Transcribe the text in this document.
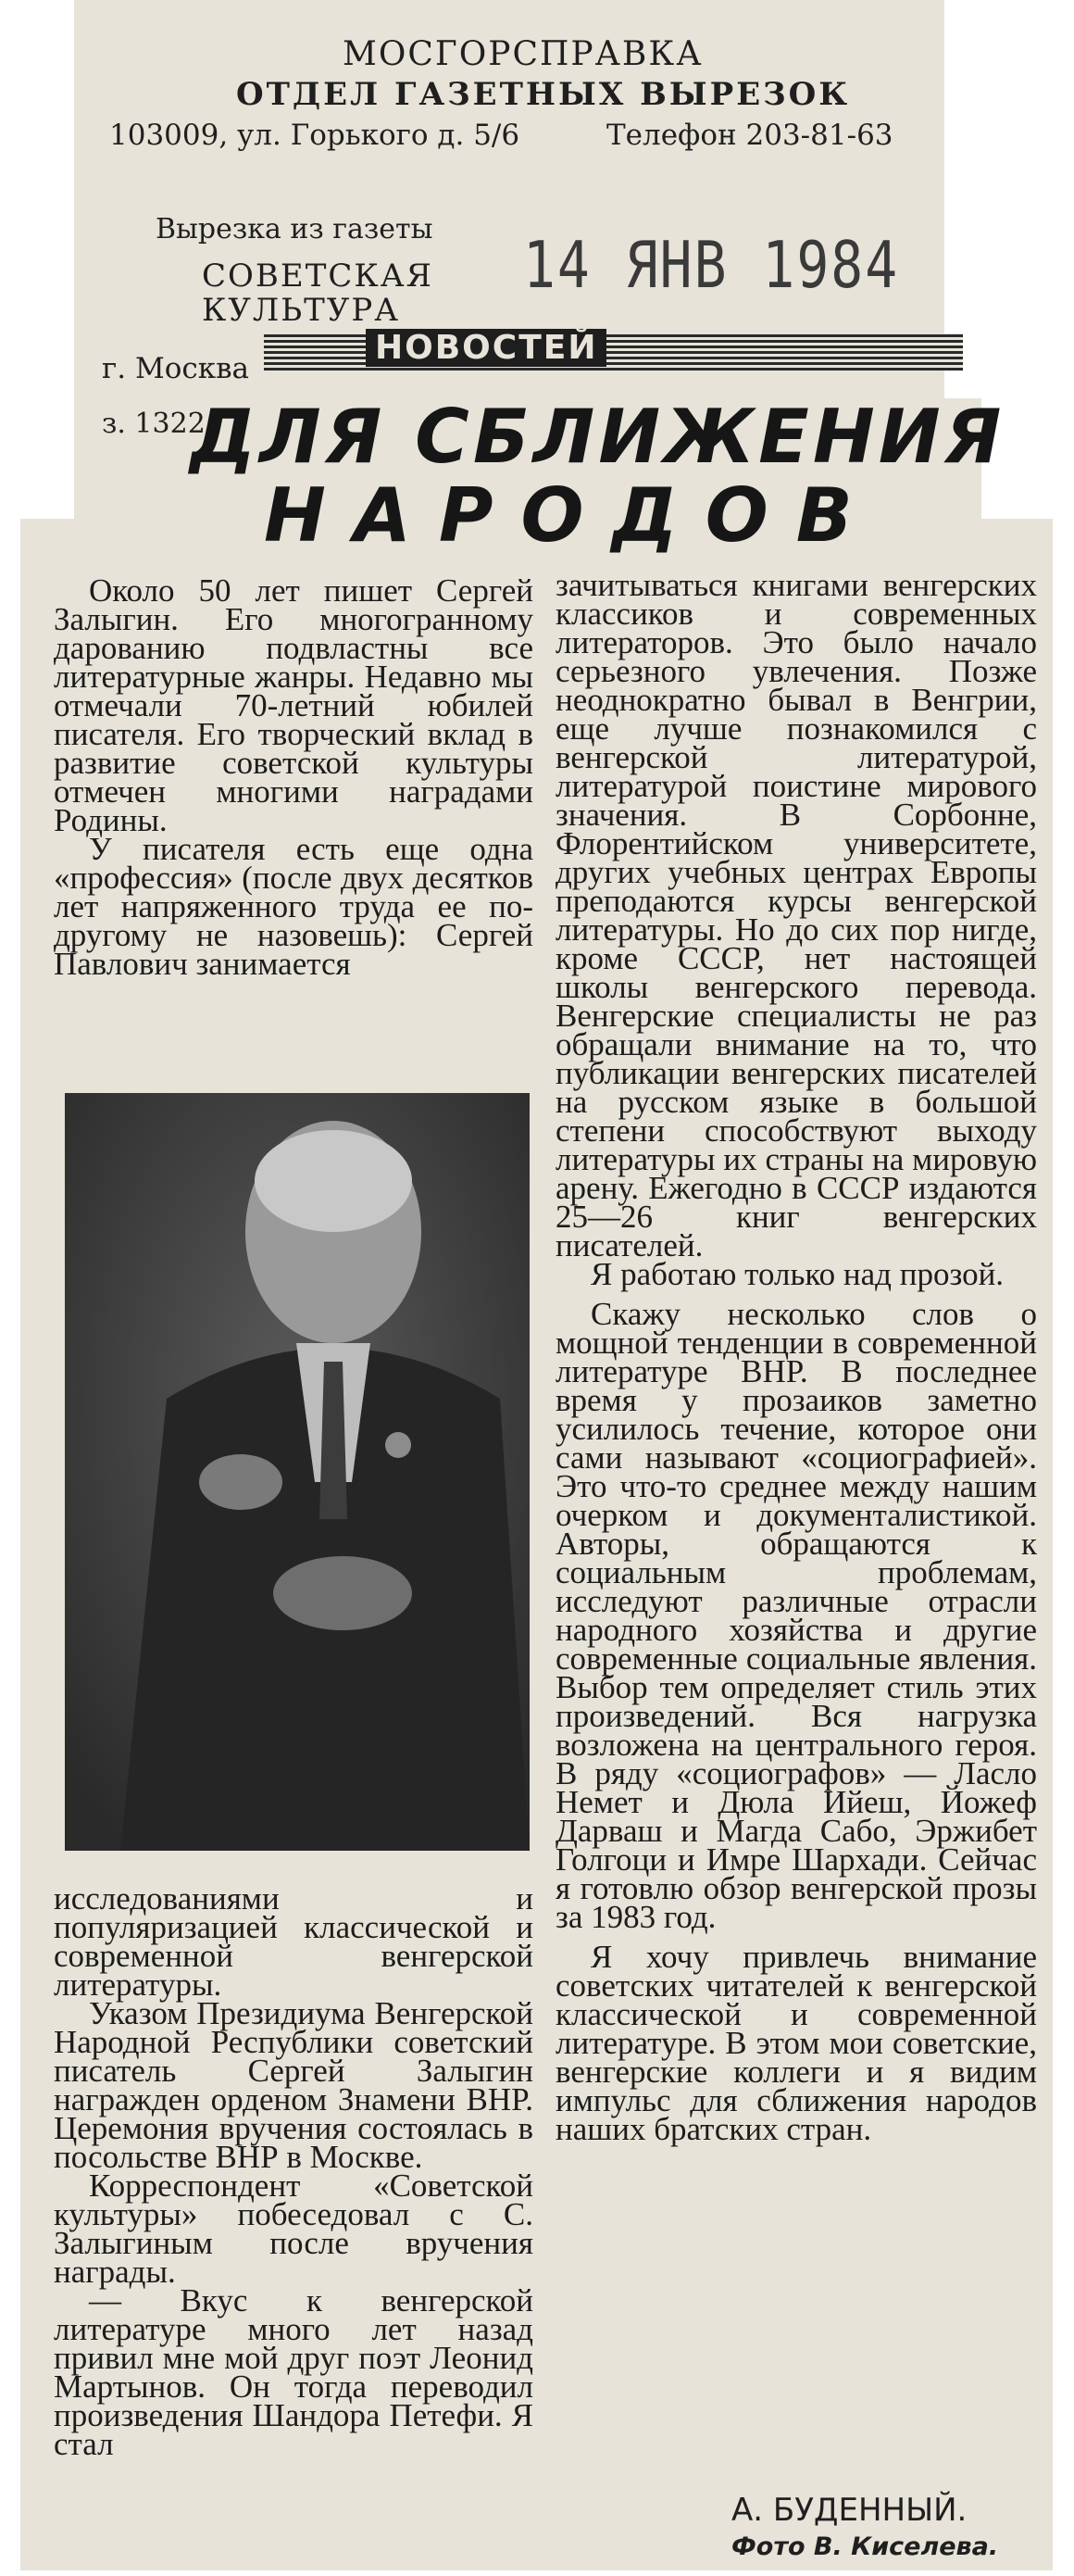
МОСГОРСПРАВКА
ОТДЕЛ ГАЗЕТНЫХ ВЫРЕЗОК
103009, ул. Горького д. 5/6	Телефон 203-81-63
Вырезка из газеты
СОВЕТСКАЯ
КУЛЬТУРА
14 ЯНВ 1984
г. Москва
з. 1322
НОВОСТЕЙ
ДЛЯ СБЛИЖЕНИЯ
НАРОДОВ

Около 50 лет пишет Сергей Залыгин. Его многогранному дарованию подвластны все литературные жанры. Недавно мы отмечали 70-летний юбилей писателя. Его творческий вклад в развитие советской культуры отмечен многими наградами Родины.

У писателя есть еще одна «профессия» (после двух десятков лет напряженного труда ее по-другому не назовешь): Сергей Павлович занимается

исследованиями и популяризацией классической и современной венгерской литературы.

Указом Президиума Венгерской Народной Республики советский писатель Сергей Залыгин награжден орденом Знамени ВНР. Церемония вручения состоялась в посольстве ВНР в Москве.

Корреспондент «Советской культуры» побеседовал с С. Залыгиным после вручения награды.

— Вкус к венгерской литературе много лет назад привил мне мой друг поэт Леонид Мартынов. Он тогда переводил произведения Шандора Петефи. Я стал

зачитываться книгами венгерских классиков и современных литераторов. Это было начало серьезного увлечения. Позже неоднократно бывал в Венгрии, еще лучше познакомился с венгерской литературой, литературой поистине мирового значения. В Сорбонне, Флорентийском университете, других учебных центрах Европы преподаются курсы венгерской литературы. Но до сих пор нигде, кроме СССР, нет настоящей школы венгерского перевода. Венгерские специалисты не раз обращали внимание на то, что публикации венгерских писателей на русском языке в большой степени способствуют выходу литературы их страны на мировую арену. Ежегодно в СССР издаются 25—26 книг венгерских писателей.

Я работаю только над прозой.

Скажу несколько слов о мощной тенденции в современной литературе ВНР. В последнее время у прозаиков заметно усилилось течение, которое они сами называют «социографией». Это что-то среднее между нашим очерком и документалистикой. Авторы, обращаются к социальным проблемам, исследуют различные отрасли народного хозяйства и другие современные социальные явления. Выбор тем определяет стиль этих произведений. Вся нагрузка возложена на центрального героя. В ряду «социографов» — Ласло Немет и Дюла Ийеш, Йожеф Дарваш и Магда Сабо, Эржибет Голгоци и Имре Шархади. Сейчас я готовлю обзор венгерской прозы за 1983 год.

Я хочу привлечь внимание советских читателей к венгерской классической и современной литературе. В этом мои советские, венгерские коллеги и я видим импульс для сближения народов наших братских стран.

А. БУДЕННЫЙ.
Фото В. Киселева.
